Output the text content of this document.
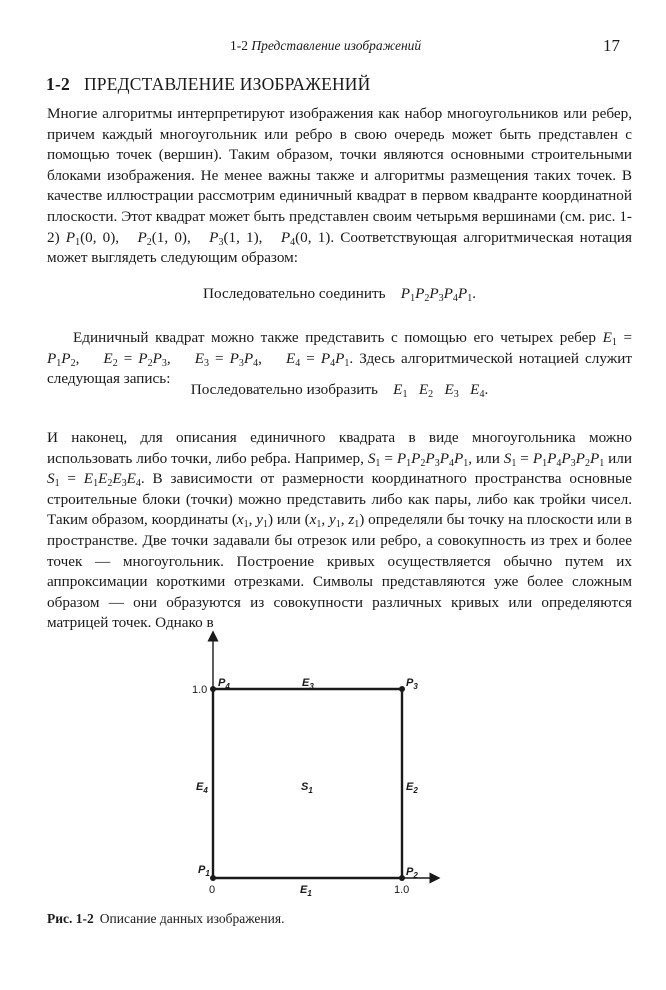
1-2 Представление изображений	17
1-2 ПРЕДСТАВЛЕНИЕ ИЗОБРАЖЕНИЙ
Многие алгоритмы интерпретируют изображения как набор многоугольников или ребер, причем каждый многоугольник или ребро в свою очередь может быть представлен с помощью точек (вершин). Таким образом, точки являются основными строительными блоками изображения. Не менее важны также и алгоритмы размещения таких точек. В качестве иллюстрации рассмотрим единичный квадрат в первом квадранте координатной плоскости. Этот квадрат может быть представлен своим четырьмя вершинами (см. рис. 1-2) $P_1(0$, 0), $P_2(1$, 0), $P_3(1$, 1), $P_4(0$, 1). Соответствующая алгоритмическая нотация может выглядеть следующим образом:
Последовательно соединить $P_1P_2P_3P_4P_1$.
Единичный квадрат можно также представить с помощью его четырех ребер $E_1 = P_1P_2$,    $E_2 = P_2P_3$,    $E_3 = P_3P_4$,    $E_4 = P_4P_1$. Здесь алгоритмической нотацией служит следующая запись:
Последовательно изобразить $E_1$ $E_2$ $E_3$ $E_4$.
И наконец, для описания единичного квадрата в виде многоугольника можно использовать либо точки, либо ребра. Например, $S_1 = P_1P_2P_3P_4P_1$, или $S_1 = P_1P_4P_3P_2P_1$ или $S_1 = E_1E_2E_3E_4$. В зависимости от размерности координатного пространства основные строительные блоки (точки) можно представить либо как пары, либо как тройки чисел. Таким образом, координаты ($x_1$, $y_1$) или ($x_1$, $y_1$, $z_1$) определяли бы точку на плоскости или в пространстве. Две точки задавали бы отрезок или ребро, а совокупность из трех и более точек — многоугольник. Построение кривых осуществляется обычно путем их аппроксимации короткими отрезками. Символы представляются уже более сложным образом — они образуются из совокупности различных кривых или определяются матрицей точек. Однако в
1.0
1.0
0
$P_1$	$P_2$
$P_3$
$P_4$
$E_1$
$E_2$
$E_3$
$E_4$	$S_1$
Рис. 1-2 Описание данных изображения.
